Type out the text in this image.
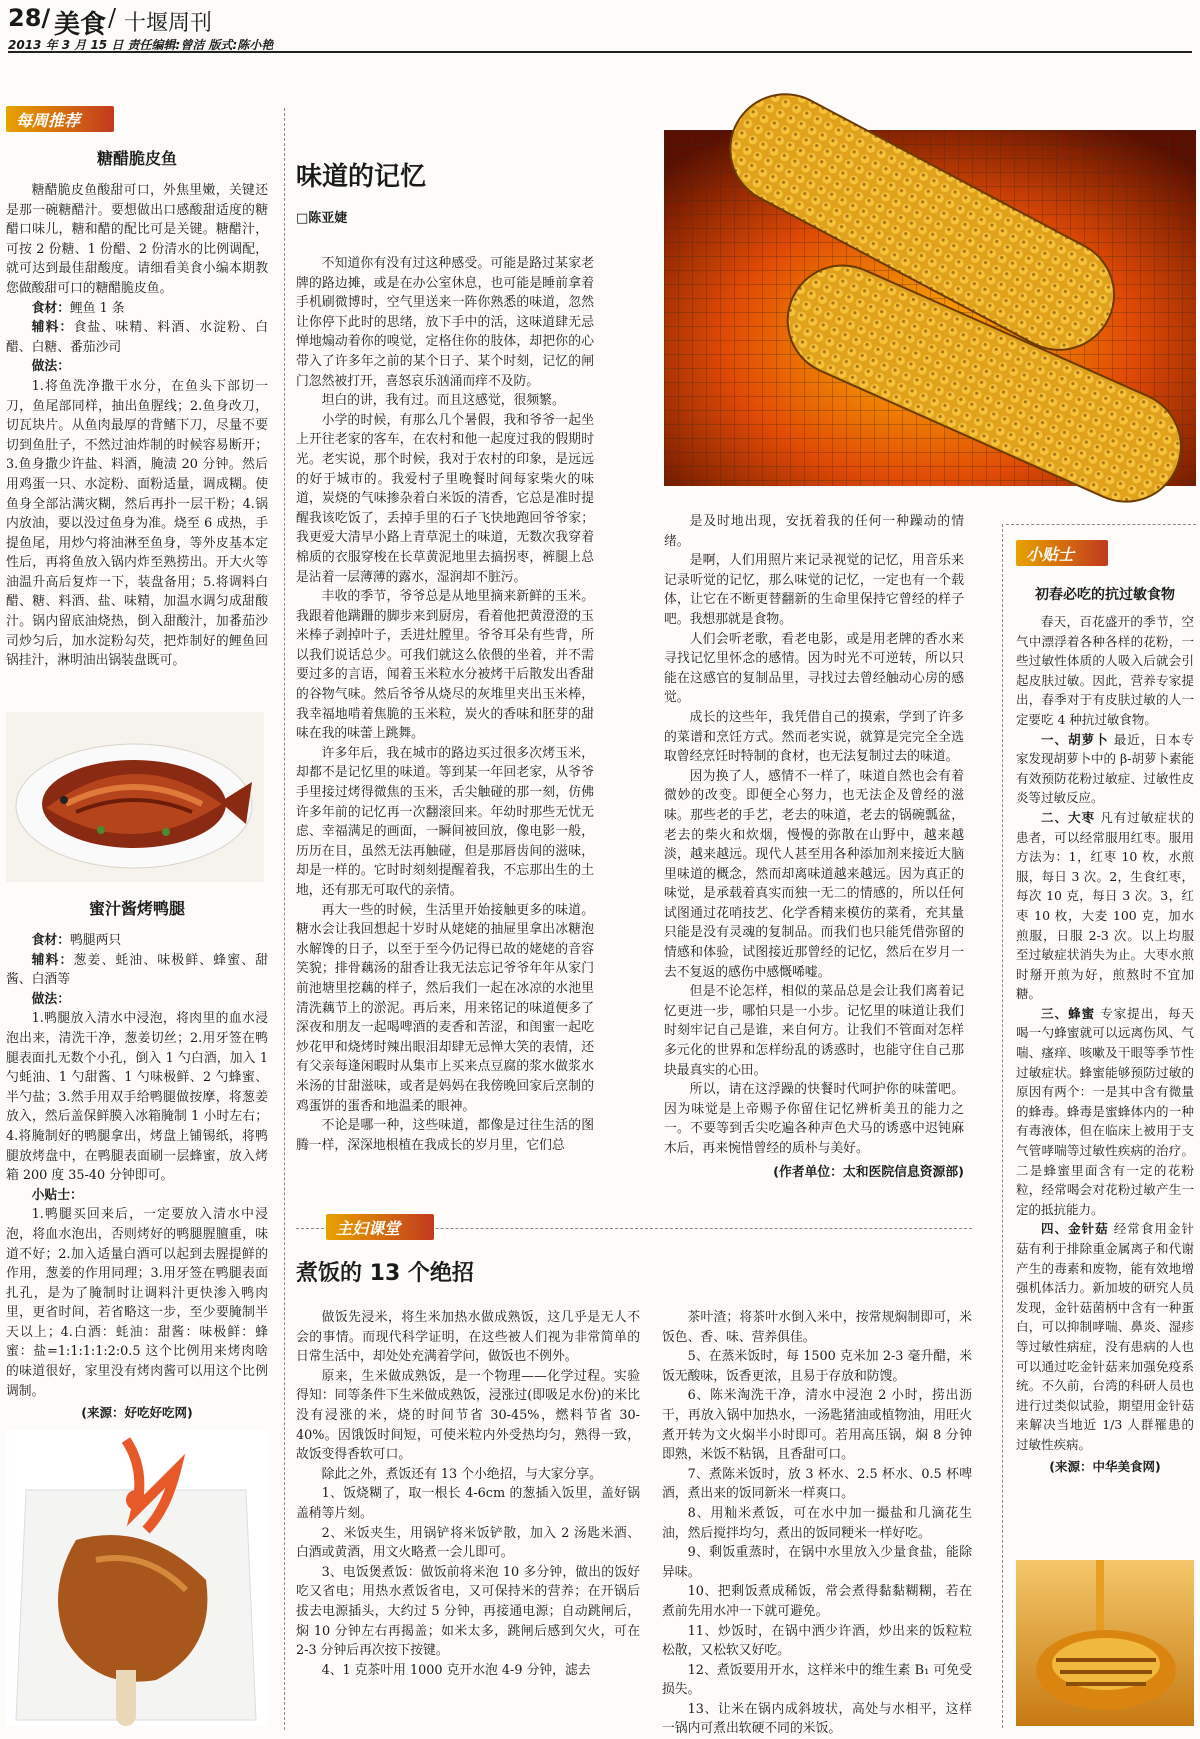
28/ 美食 / 十堰周刊
2013 年 3 月 15 日 责任编辑:曾洁 版式:陈小艳
每周推荐
糖醋脆皮鱼

糖醋脆皮鱼酸甜可口，外焦里嫩，关键还是那一碗糖醋汁。要想做出口感酸甜适度的糖醋口味儿，糖和醋的配比可是关键。糖醋汁，可按 2 份糖、1 份醋、2 份清水的比例调配，就可达到最佳甜酸度。请细看美食小编本期教您做酸甜可口的糖醋脆皮鱼。

食材：鲤鱼 1 条

辅料：食盐、味精、料酒、水淀粉、白醋、白糖、番茄沙司

做法：

1.将鱼洗净撒干水分，在鱼头下部切一刀，鱼尾部同样，抽出鱼腥线；2.鱼身改刀，切瓦块片。从鱼肉最厚的背鳍下刀，尽量不要切到鱼肚子，不然过油炸制的时候容易断开；3.鱼身撒少许盐、料酒，腌渍 20 分钟。然后用鸡蛋一只、水淀粉、面粉适量，调成糊。使鱼身全部沾满灾糊，然后再扑一层干粉；4.锅内放油，要以没过鱼身为准。烧至 6 成热，手提鱼尾，用炒勺将油淋至鱼身，等外皮基本定性后，再将鱼放入锅内炸至熟捞出。开大火等油温升高后复炸一下，装盘备用；5.将调料白醋、糖、料酒、盐、味精，加温水调匀成甜酸汁。锅内留底油烧热，倒入甜酸汁，加番茄沙司炒匀后，加水淀粉勾芡，把炸制好的鲤鱼回锅挂汁，淋明油出锅装盘既可。

蜜汁酱烤鸭腿

食材：鸭腿两只

辅料：葱姜、蚝油、味极鲜、蜂蜜、甜酱、白酒等

做法：

1.鸭腿放入清水中浸泡，将肉里的血水浸泡出来，清洗干净，葱姜切丝；2.用牙签在鸭腿表面扎无数个小孔，倒入 1 勺白酒，加入 1 勺蚝油、1 勺甜酱、1 勺味极鲜、2 勺蜂蜜、半勺盐；3.然手用双手给鸭腿做按摩，将葱姜放入，然后盖保鲜膜入冰箱腌制 1 小时左右；4.将腌制好的鸭腿拿出，烤盘上铺锡纸，将鸭腿放烤盘中，在鸭腿表面刷一层蜂蜜，放入烤箱 200 度 35-40 分钟即可。

小贴士：

1.鸭腿买回来后，一定要放入清水中浸泡，将血水泡出，否则烤好的鸭腿腥膻重，味道不好；2.加入适量白酒可以起到去腥提鲜的作用，葱姜的作用同理；3.用牙签在鸭腿表面扎孔，是为了腌制时让调料汁更快渗入鸭肉里，更省时间，若省略这一步，至少要腌制半天以上；4.白酒：蚝油：甜酱：味极鲜：蜂蜜：盐=1:1:1:1:2:0.5 这个比例用来烤肉啥的味道很好，家里没有烤肉酱可以用这个比例调制。

(来源：好吃好吃网)
味道的记忆
□陈亚婕

不知道你有没有过这种感受。可能是路过某家老牌的路边摊，或是在办公室休息，也可能是睡前拿着手机刷微博时，空气里送来一阵你熟悉的味道，忽然让你停下此时的思绪，放下手中的活，这味道肆无忌惮地煽动着你的嗅觉，定格住你的肢体，却把你的心带入了许多年之前的某个日子、某个时刻，记忆的闸门忽然被打开，喜怒哀乐汹涌而痒不及防。

坦白的讲，我有过。而且这感觉，很频繁。

小学的时候，有那么几个暑假，我和爷爷一起坐上开往老家的客车，在农村和他一起度过我的假期时光。老实说，那个时候，我对于农村的印象，是远远的好于城市的。我爱村子里晚餐时间每家柴火的味道，炭烧的气味掺杂着白米饭的清香，它总是准时提醒我该吃饭了，丢掉手里的石子飞快地跑回爷爷家；我更爱大清早小路上青草泥土的味道，无数次我穿着棉质的衣服穿梭在长草黄泥地里去搞拐枣，裤腿上总是沾着一层薄薄的露水，湿润却不脏污。

丰收的季节，爷爷总是从地里摘来新鲜的玉米。我跟着他蹒跚的脚步来到厨房，看着他把黄澄澄的玉米棒子剥掉叶子，丢进灶膛里。爷爷耳朵有些背，所以我们说话总少。可我们就这么依偎的坐着，并不需要过多的言语，闻着玉米粒水分被烤干后散发出香甜的谷物气味。然后爷爷从烧尽的灰堆里夹出玉米棒，我幸福地啃着焦脆的玉米粒，炭火的香味和胚芽的甜味在我的味蕾上跳舞。

许多年后，我在城市的路边买过很多次烤玉米，却都不是记忆里的味道。等到某一年回老家，从爷爷手里接过烤得微焦的玉米，舌尖触碰的那一刻，仿佛许多年前的记忆再一次翻滚回来。年幼时那些无忧无虑、幸福满足的画面，一瞬间被回放，像电影一般，历历在目，虽然无法再触碰，但是那唇齿间的滋味，却是一样的。它时时刻刻提醒着我，不忘那出生的土地，还有那无可取代的亲情。

再大一些的时候，生活里开始接触更多的味道。糖水会让我回想起十岁时从姥姥的抽屉里拿出冰糖泡水解馋的日子，以至于至今仍记得已故的姥姥的音容笑貌；排骨藕汤的甜香让我无法忘记爷爷年年从家门前池塘里挖藕的样子，然后我们一起在冰凉的水池里清洗藕节上的淤泥。再后来，用来铭记的味道便多了深夜和朋友一起喝啤酒的麦香和苦涩，和闺蜜一起吃炒花甲和烧烤时辣出眼泪却肆无忌惮大笑的表情，还有父亲每逢闲暇时从集市上买来点豆腐的浆水做浆水米汤的甘甜滋味，或者是妈妈在我傍晚回家后烹制的鸡蛋饼的蛋香和地温柔的眼神。

不论是哪一种，这些味道，都像是过往生活的图腾一样，深深地根植在我成长的岁月里，它们总

是及时地出现，安抚着我的任何一种躁动的情绪。

是啊，人们用照片来记录视觉的记忆，用音乐来记录听觉的记忆，那么味觉的记忆，一定也有一个载体，让它在不断更替翻新的生命里保持它曾经的样子吧。我想那就是食物。

人们会听老歌，看老电影，或是用老牌的香水来寻找记忆里怀念的感情。因为时光不可逆转，所以只能在这感官的复制品里，寻找过去曾经触动心房的感觉。

成长的这些年，我凭借自己的摸索，学到了许多的菜谱和烹饪方式。然而老实说，就算是完完全全选取曾经烹饪时特制的食材，也无法复制过去的味道。

因为换了人，感情不一样了，味道自然也会有着微妙的改变。即便全心努力，也无法企及曾经的滋味。那些老的手艺，老去的味道，老去的锅碗瓢盆，老去的柴火和炊烟，慢慢的弥散在山野中，越来越淡，越来越远。现代人甚至用各种添加剂来接近大脑里味道的概念，然而却离味道越来越远。因为真正的味觉，是承载着真实而独一无二的情感的，所以任何试图通过花哨技艺、化学香精来模仿的菜肴，充其量只能是没有灵魂的复制品。而我们也只能凭借弥留的情感和体验，试图接近那曾经的记忆，然后在岁月一去不复返的感伤中感慨唏嘘。

但是不论怎样，相似的菜品总是会让我们离着记忆更进一步，哪怕只是一小步。记忆里的味道让我们时刻牢记自己是谁，来自何方。让我们不管面对怎样多元化的世界和怎样纷乱的诱惑时，也能守住自己那块最真实的心田。

所以，请在这浮躁的快餐时代呵护你的味蕾吧。因为味觉是上帝赐予你留住记忆辨析美丑的能力之一。不要等到舌尖吃遍各种声色犬马的诱惑中迟钝麻木后，再来惋惜曾经的质朴与美好。

(作者单位：太和医院信息资源部)
主妇课堂
煮饭的 13 个绝招

做饭先浸米，将生米加热水做成熟饭，这几乎是无人不会的事情。而现代科学证明，在这些被人们视为非常简单的日常生活中，却处处充满着学问，做饭也不例外。

原来，生米做成熟饭，是一个物理——化学过程。实验得知：同等条件下生米做成熟饭，浸涨过(即吸足水份)的米比没有浸涨的米，烧的时间节省 30-45%，燃料节省 30-40%。因饿饭时间短，可使米粒内外受热均匀，熟得一致，故饭变得香软可口。

除此之外，煮饭还有 13 个小绝招，与大家分享。

1、饭烧糊了，取一根长 4-6cm 的葱插入饭里，盖好锅盖稍等片刻。

2、米饭夹生，用锅铲将米饭铲散，加入 2 汤匙米酒、白酒或黄酒，用文火略煮一会儿即可。

3、电饭煲煮饭：做饭前将米泡 10 多分钟，做出的饭好吃又省电；用热水煮饭省电，又可保持米的营养；在开锅后拔去电源插头，大约过 5 分钟，再接通电源；自动跳闸后，焖 10 分钟左右再揭盖；如米太多，跳闸后感到欠火，可在 2-3 分钟后再次按下按键。

4、1 克茶叶用 1000 克开水泡 4-9 分钟，滤去

茶叶渣；将茶叶水倒入米中，按常规焖制即可，米饭色、香、味、营养俱佳。

5、在蒸米饭时，每 1500 克米加 2-3 毫升醋，米饭无酸味，饭香更浓，且易于存放和防馊。

6、陈米淘洗干净，清水中浸泡 2 小时，捞出沥干，再放入锅中加热水，一汤匙猪油或植物油，用旺火煮开转为文火焖半小时即可。若用高压锅，焖 8 分钟即熟，米饭不粘锅，且香甜可口。

7、煮陈米饭时，放 3 杯水、2.5 杯水、0.5 杯啤酒，煮出来的饭同新米一样爽口。

8、用籼米煮饭，可在水中加一撮盐和几滴花生油，然后搅拌均匀，煮出的饭同粳米一样好吃。

9、剩饭重蒸时，在锅中水里放入少量食盐，能除异味。

10、把剩饭煮成稀饭，常会煮得黏黏糊糊，若在煮前先用水冲一下就可避免。

11、炒饭时，在锅中洒少许酒，炒出来的饭粒粒松散，又松软又好吃。

12、煮饭要用开水，这样米中的维生素 B₁ 可免受损失。

13、让米在锅内成斜坡状，高处与水相平，这样一锅内可煮出软硬不同的米饭。

小贴士
初春必吃的抗过敏食物

春天，百花盛开的季节，空气中漂浮着各种各样的花粉，一些过敏性体质的人吸入后就会引起皮肤过敏。因此，营养专家提出，春季对于有皮肤过敏的人一定要吃 4 种抗过敏食物。

一、胡萝卜 最近，日本专家发现胡萝卜中的 β-胡萝卜素能有效预防花粉过敏症、过敏性皮炎等过敏反应。

二、大枣 凡有过敏症状的患者，可以经常服用红枣。服用方法为：1，红枣 10 枚，水煎服，每日 3 次。2，生食红枣，每次 10 克，每日 3 次。3，红枣 10 枚，大麦 100 克，加水煎服，日服 2-3 次。以上均服至过敏症状消失为止。大枣水煎时掰开煎为好，煎熬时不宜加糖。

三、蜂蜜 专家提出，每天喝一勺蜂蜜就可以远离伤风、气喘、瘙痒、咳嗽及干眼等季节性过敏症状。蜂蜜能够预防过敏的原因有两个：一是其中含有微量的蜂毒。蜂毒是蜜蜂体内的一种有毒液体，但在临床上被用于支气管哮喘等过敏性疾病的治疗。二是蜂蜜里面含有一定的花粉粒，经常喝会对花粉过敏产生一定的抵抗能力。

四、金针菇 经常食用金针菇有利于排除重金属离子和代谢产生的毒素和废物，能有效地增强机体活力。新加坡的研究人员发现，金针菇菌柄中含有一种蛋白，可以抑制哮喘、鼻炎、湿疹等过敏性病症，没有患病的人也可以通过吃金针菇来加强免疫系统。不久前，台湾的科研人员也进行过类似试验，期望用金针菇来解决当地近 1/3 人群罹患的过敏性疾病。

(来源：中华美食网)
